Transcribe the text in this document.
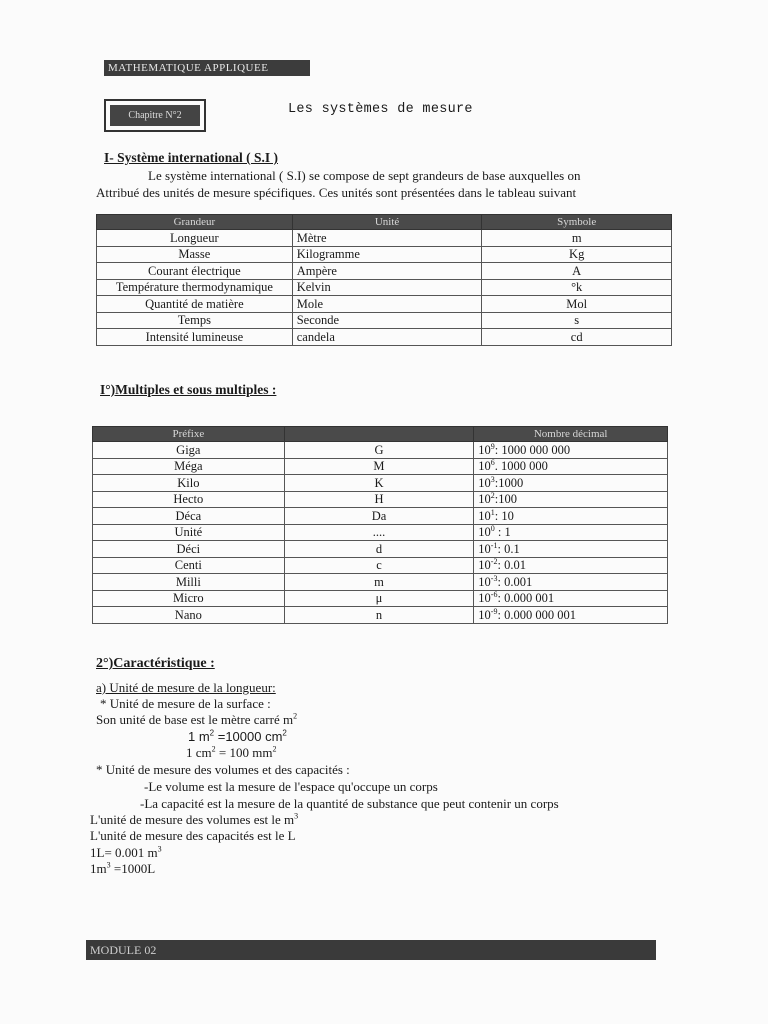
MATHEMATIQUE APPLIQUEE
Chapitre N°2	Les systèmes de mesure
I- Système international ( S.I )
Le système international ( S.I) se compose de sept grandeurs de base auxquelles on
Attribué des unités de mesure spécifiques. Ces unités sont présentées dans le tableau suivant
Grandeur	Unité	Symbole
Longueur	Mètre	m
Masse	Kilogramme	Kg
Courant électrique	Ampère	A
Température thermodynamique	Kelvin	°k
Quantité de matière	Mole	Mol
Temps	Seconde	s
Intensité lumineuse	candela	cd
I°)Multiples et sous multiples :
Préfixe		Nombre décimal
Giga	G	$10^9$: 1000 000 000
Méga	M	$10^6$. 1000 000
Kilo	K	$10^3:1000$
Hecto	H	$10^2:100$
Déca	Da	$10^1$: 10
Unité	....	$10^0$ : 1
Déci	d	$10^{-1}$: 0.1
Centi	c	$10^{-2}$: 0.01
Milli	m	$10^{-3}$: 0.001
Micro	μ	$10^{-6}$: 0.000 001
Nano	n	$10^{-9}$: 0.000 000 001
2°)Caractéristique :
a) Unité de mesure de la longueur:
* Unité de mesure de la surface :
Son unité de base est le mètre carré $m^2$
1 $m^2 =10000$ $cm^2$
1 $cm^2 = 100$ $mm^2$
* Unité de mesure des volumes et des capacités :
-Le volume est la mesure de l'espace qu'occupe un corps
-La capacité est la mesure de la quantité de substance que peut contenir un corps
L'unité de mesure des volumes est le $m^3$
L'unité de mesure des capacités est le L
1L= 0.001 $m^3$
$1m^3 =1000L$
MODULE 02
